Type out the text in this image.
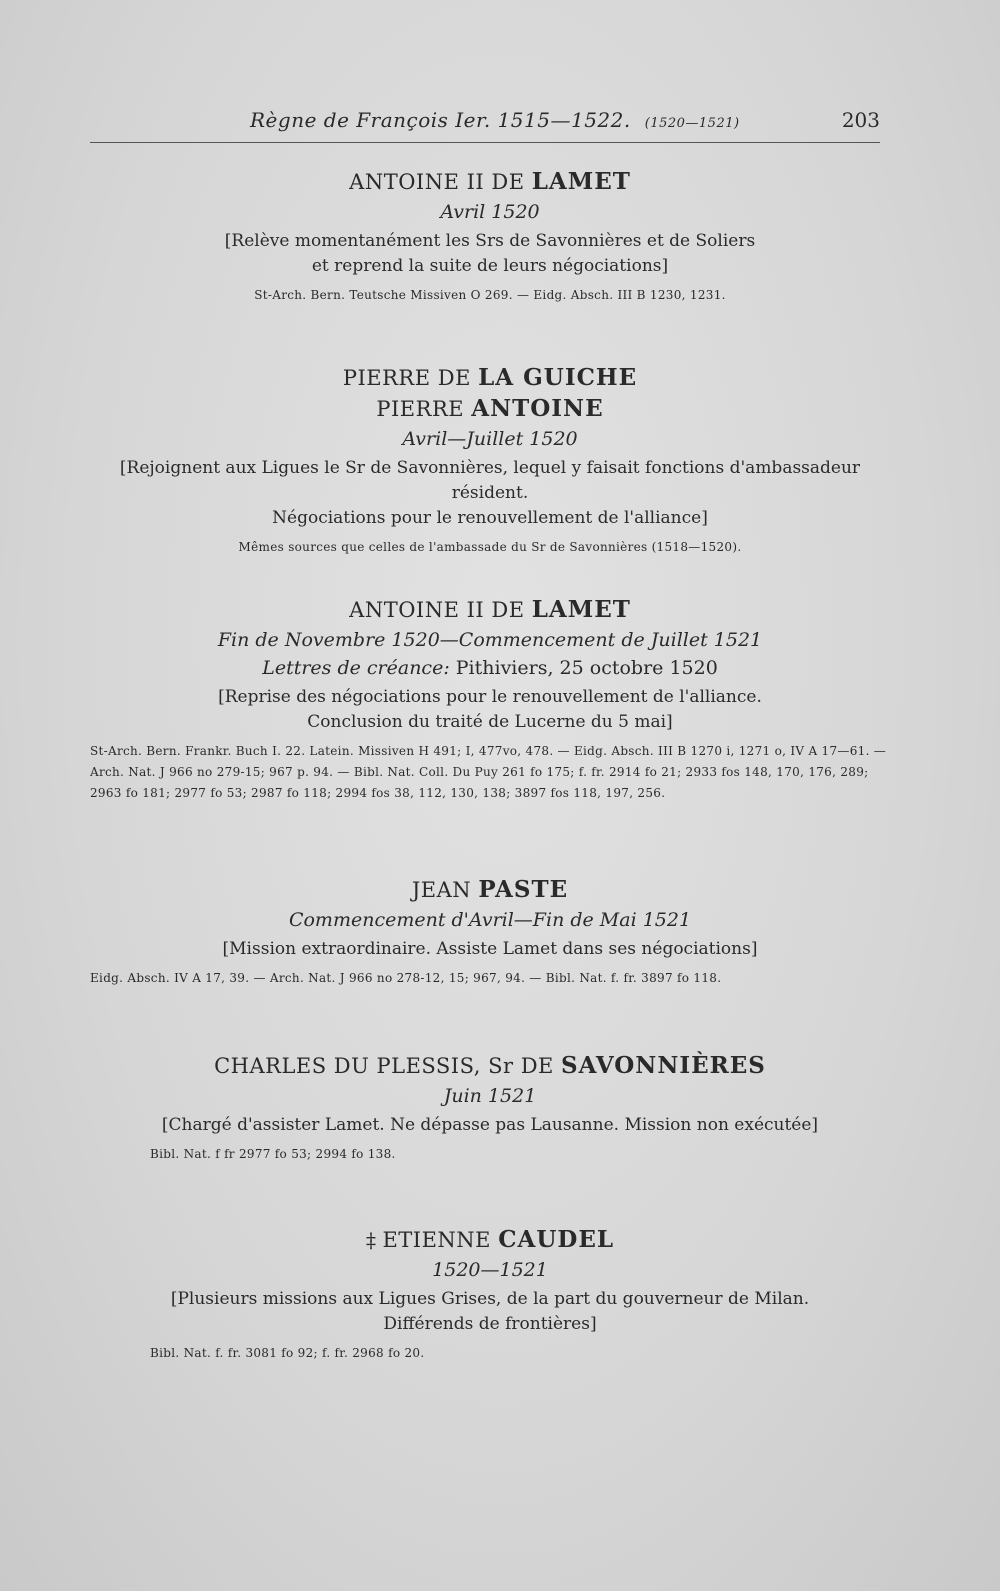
Règne de François Ier. 1515—1522. (1520—1521)	203
ANTOINE II DE LAMET
Avril 1520
[Relève momentanément les Srs de Savonnières et de Soliers
et reprend la suite de leurs négociations]
St-Arch. Bern. Teutsche Missiven O 269. — Eidg. Absch. III B 1230, 1231.
PIERRE DE LA GUICHE
PIERRE ANTOINE
Avril—Juillet 1520
[Rejoignent aux Ligues le Sr de Savonnières, lequel y faisait fonctions d'ambassadeur résident.
Négociations pour le renouvellement de l'alliance]
Mêmes sources que celles de l'ambassade du Sr de Savonnières (1518—1520).
ANTOINE II DE LAMET
Fin de Novembre 1520—Commencement de Juillet 1521
Lettres de créance: Pithiviers, 25 octobre 1520
[Reprise des négociations pour le renouvellement de l'alliance.
Conclusion du traité de Lucerne du 5 mai]
St-Arch. Bern. Frankr. Buch I. 22. Latein. Missiven H 491; I, 477vo, 478. — Eidg. Absch. III B 1270 i, 1271 o, IV A 17—61. — Arch. Nat. J 966 no 279-15; 967 p. 94. — Bibl. Nat. Coll. Du Puy 261 fo 175; f. fr. 2914 fo 21; 2933 fos 148, 170, 176, 289; 2963 fo 181; 2977 fo 53; 2987 fo 118; 2994 fos 38, 112, 130, 138; 3897 fos 118, 197, 256.
JEAN PASTE
Commencement d'Avril—Fin de Mai 1521
[Mission extraordinaire. Assiste Lamet dans ses négociations]
Eidg. Absch. IV A 17, 39. — Arch. Nat. J 966 no 278-12, 15; 967, 94. — Bibl. Nat. f. fr. 3897 fo 118.
CHARLES DU PLESSIS, Sr DE SAVONNIÈRES
Juin 1521
[Chargé d'assister Lamet. Ne dépasse pas Lausanne. Mission non exécutée]
Bibl. Nat. f fr 2977 fo 53; 2994 fo 138.
‡ ETIENNE CAUDEL
1520—1521
[Plusieurs missions aux Ligues Grises, de la part du gouverneur de Milan.
Différends de frontières]
Bibl. Nat. f. fr. 3081 fo 92; f. fr. 2968 fo 20.
